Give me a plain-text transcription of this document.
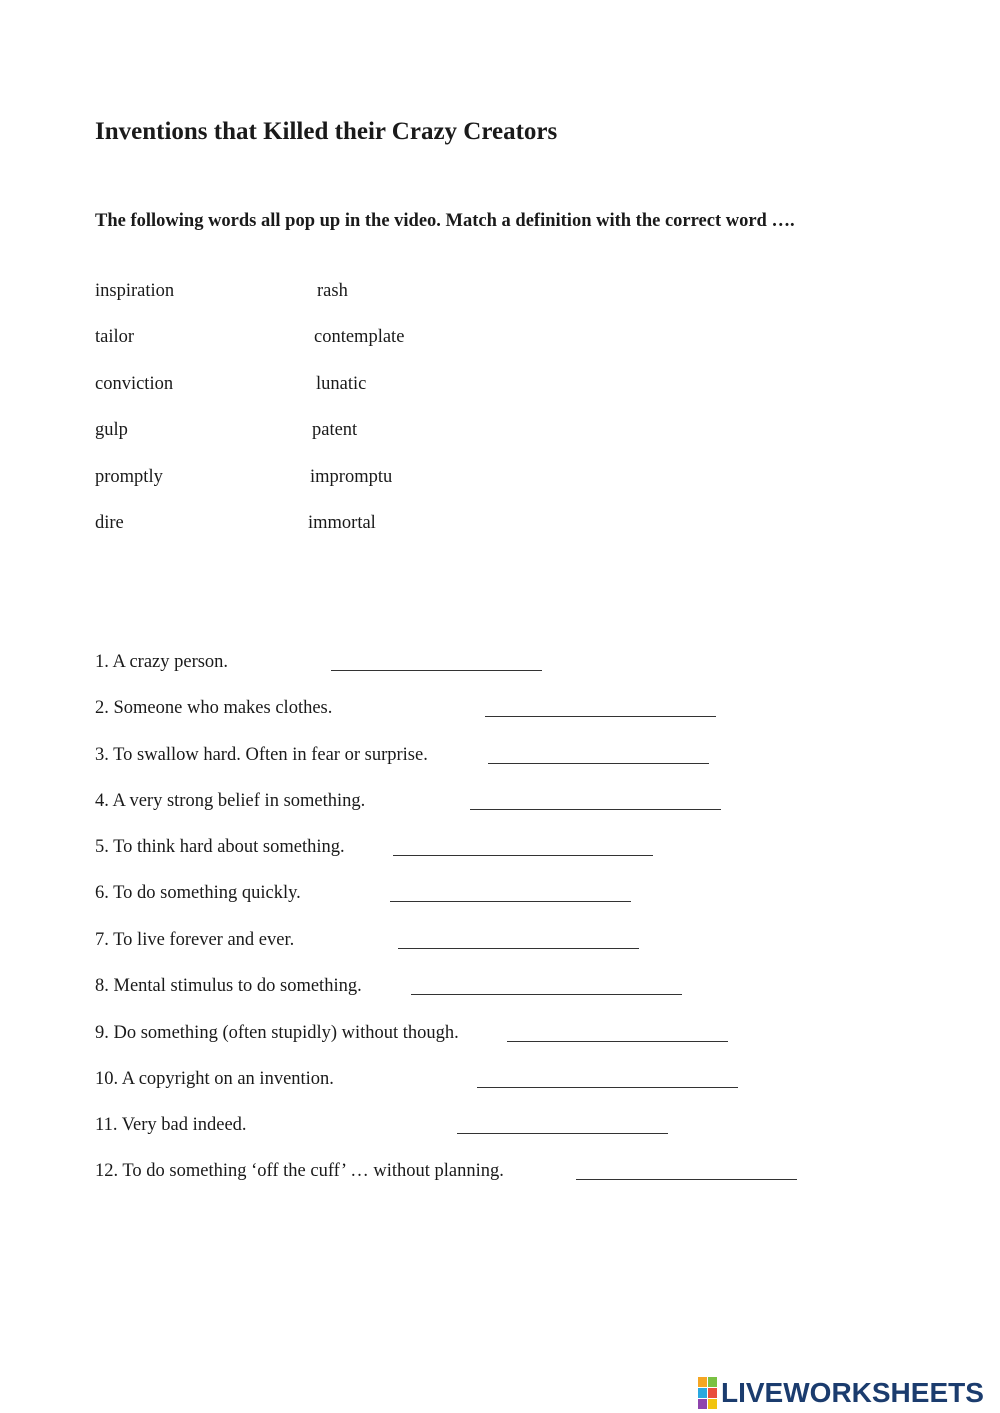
Inventions that Killed their Crazy Creators
The following words all pop up in the video. Match a definition with the correct word ….
inspiration
tailor
conviction
gulp
promptly
dire
rash
contemplate
lunatic
patent
impromptu
immortal
1. A crazy person.
2. Someone who makes clothes.
3. To swallow hard. Often in fear or surprise.
4. A very strong belief in something.
5. To think hard about something.
6. To do something quickly.
7. To live forever and ever.
8. Mental stimulus to do something.
9. Do something (often stupidly) without though.
10. A copyright on an invention.
11. Very bad indeed.
12. To do something ‘off the cuff’ … without planning.
LIVEWORKSHEETS
